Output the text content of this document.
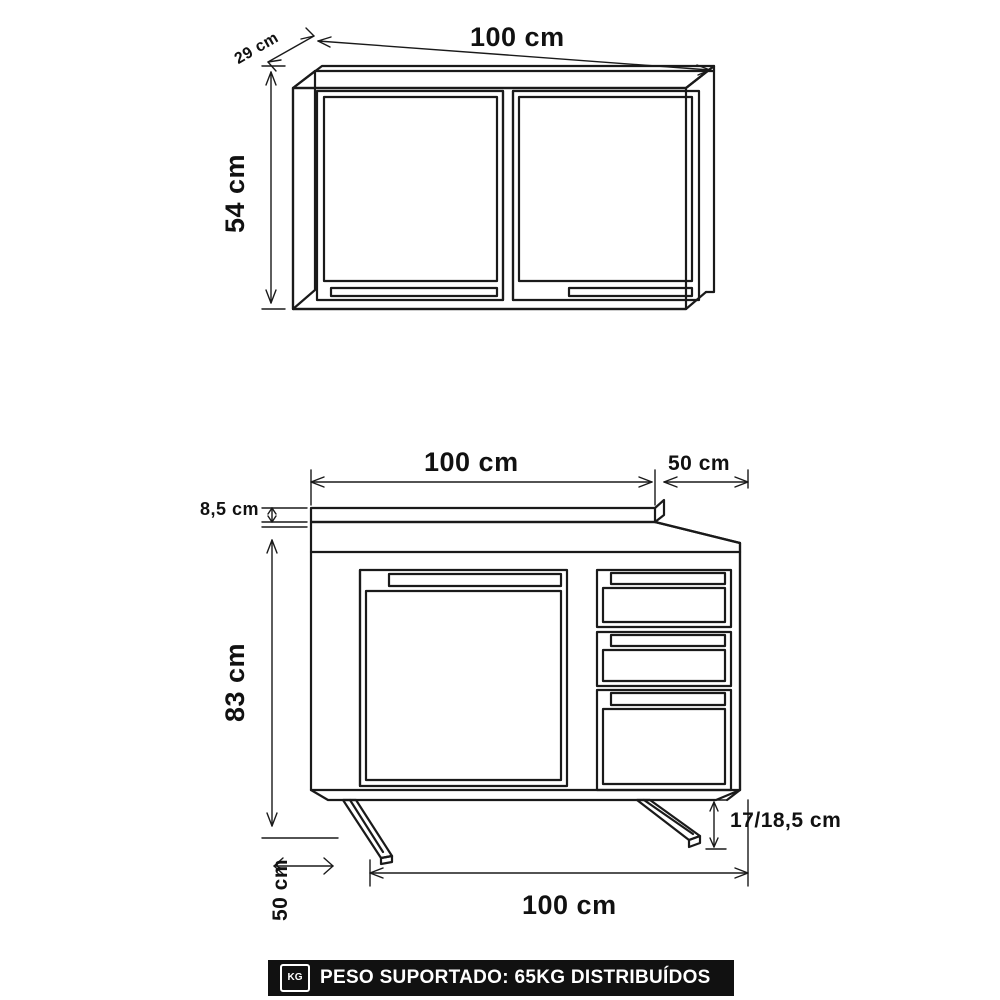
100 cm
29 cm
54 cm
100 cm	50 cm
8,5 cm
83 cm
50 cm
17/18,5 cm
100 cm
KG PESO SUPORTADO: 65KG DISTRIBUÍDOS
